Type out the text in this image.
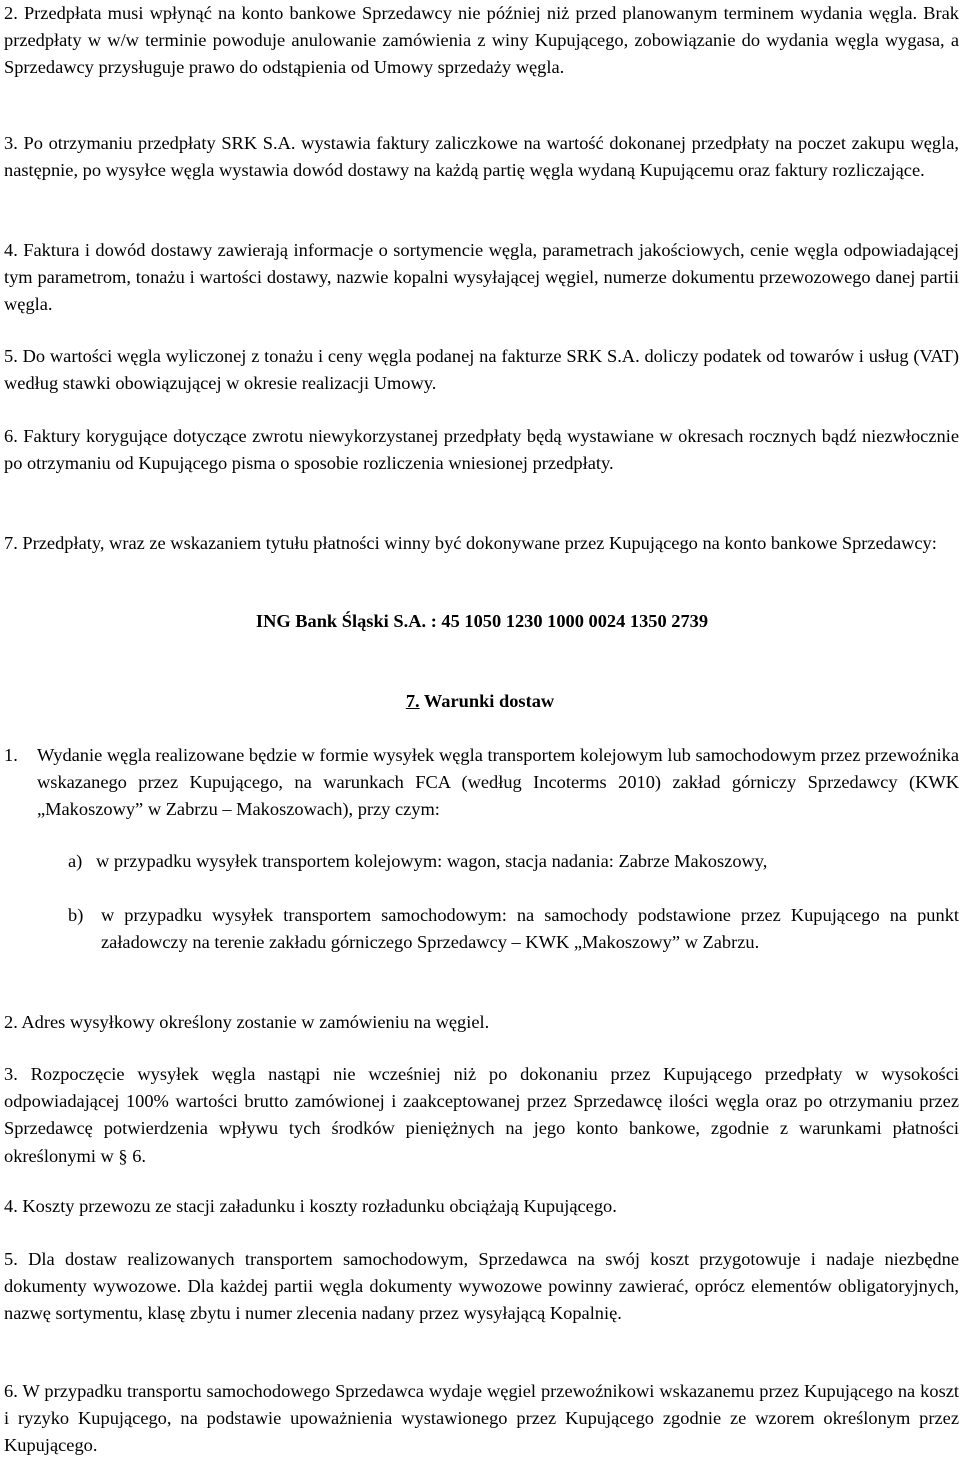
2. Przedpłata musi wpłynąć na konto bankowe Sprzedawcy nie później niż przed planowanym terminem wydania węgla. Brak przedpłaty w w/w terminie powoduje anulowanie zamówienia z winy Kupującego, zobowiązanie do wydania węgla wygasa, a Sprzedawcy przysługuje prawo do odstąpienia od Umowy sprzedaży węgla.

3. Po otrzymaniu przedpłaty SRK S.A. wystawia faktury zaliczkowe na wartość dokonanej przedpłaty na poczet zakupu węgla, następnie, po wysyłce węgla wystawia dowód dostawy na każdą partię węgla wydaną Kupującemu oraz faktury rozliczające.

4. Faktura i dowód dostawy zawierają informacje o sortymencie węgla, parametrach jakościowych, cenie węgla odpowiadającej tym parametrom, tonażu i wartości dostawy, nazwie kopalni wysyłającej węgiel, numerze dokumentu przewozowego danej partii węgla.

5. Do wartości węgla wyliczonej z tonażu i ceny węgla podanej na fakturze SRK S.A. doliczy podatek od towarów i usług (VAT) według stawki obowiązującej w okresie realizacji Umowy.

6. Faktury korygujące dotyczące zwrotu niewykorzystanej przedpłaty będą wystawiane w okresach rocznych bądź niezwłocznie po otrzymaniu od Kupującego pisma o sposobie rozliczenia wniesionej przedpłaty.

7. Przedpłaty, wraz ze wskazaniem tytułu płatności winny być dokonywane przez Kupującego na konto bankowe Sprzedawcy:

ING Bank Śląski S.A. : 45 1050 1230 1000 0024 1350 2739

7. Warunki dostaw

1.	Wydanie węgla realizowane będzie w formie wysyłek węgla transportem kolejowym lub samochodowym przez przewoźnika wskazanego przez Kupującego, na warunkach FCA (według Incoterms 2010) zakład górniczy Sprzedawcy (KWK „Makoszowy” w Zabrzu – Makoszowach), przy czym:
a) w przypadku wysyłek transportem kolejowym: wagon, stacja nadania: Zabrze Makoszowy,
b) w przypadku wysyłek transportem samochodowym: na samochody podstawione przez Kupującego na punkt załadowczy na terenie zakładu górniczego Sprzedawcy – KWK „Makoszowy” w Zabrzu.

2. Adres wysyłkowy określony zostanie w zamówieniu na węgiel.

3. Rozpoczęcie wysyłek węgla nastąpi nie wcześniej niż po dokonaniu przez Kupującego przedpłaty w wysokości odpowiadającej 100% wartości brutto zamówionej i zaakceptowanej przez Sprzedawcę ilości węgla oraz po otrzymaniu przez Sprzedawcę potwierdzenia wpływu tych środków pieniężnych na jego konto bankowe, zgodnie z warunkami płatności określonymi w § 6.

4. Koszty przewozu ze stacji załadunku i koszty rozładunku obciążają Kupującego.

5. Dla dostaw realizowanych transportem samochodowym, Sprzedawca na swój koszt przygotowuje i nadaje niezbędne dokumenty wywozowe. Dla każdej partii węgla dokumenty wywozowe powinny zawierać, oprócz elementów obligatoryjnych, nazwę sortymentu, klasę zbytu i numer zlecenia nadany przez wysyłającą Kopalnię.

6. W przypadku transportu samochodowego Sprzedawca wydaje węgiel przewoźnikowi wskazanemu przez Kupującego na koszt i ryzyko Kupującego, na podstawie upoważnienia wystawionego przez Kupującego zgodnie ze wzorem określonym przez Kupującego.
